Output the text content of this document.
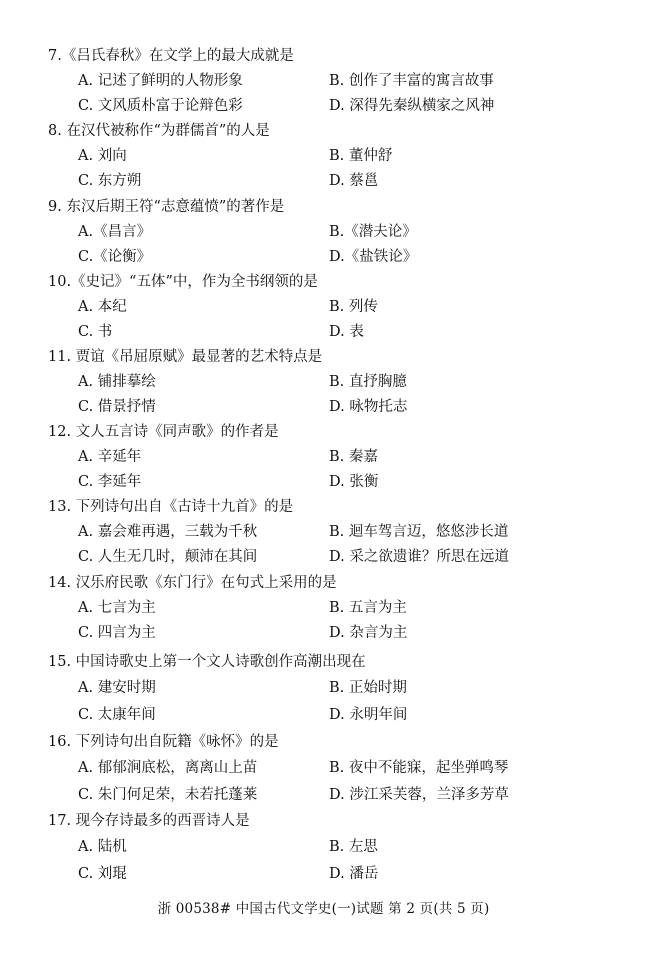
7.《吕氏春秋》在文学上的最大成就是
A. 记述了鲜明的人物形象	B. 创作了丰富的寓言故事
C. 文风质朴富于论辩色彩	D. 深得先秦纵横家之风神
8. 在汉代被称作“为群儒首”的人是
A. 刘向	B. 董仲舒
C. 东方朔	D. 蔡邕
9. 东汉后期王符“志意蕴愤”的著作是
A.《昌言》	B.《潜夫论》
C.《论衡》	D.《盐铁论》
10.《史记》“五体”中，作为全书纲领的是
A. 本纪	B. 列传
C. 书	D. 表
11. 贾谊《吊屈原赋》最显著的艺术特点是
A. 铺排摹绘	B. 直抒胸臆
C. 借景抒情	D. 咏物托志
12. 文人五言诗《同声歌》的作者是
A. 辛延年	B. 秦嘉
C. 李延年	D. 张衡
13. 下列诗句出自《古诗十九首》的是
A. 嘉会难再遇，三载为千秋	B. 迴车驾言迈，悠悠涉长道
C. 人生无几时，颠沛在其间	D. 采之欲遗谁？所思在远道
14. 汉乐府民歌《东门行》在句式上采用的是
A. 七言为主	B. 五言为主
C. 四言为主	D. 杂言为主
15. 中国诗歌史上第一个文人诗歌创作高潮出现在
A. 建安时期	B. 正始时期
C. 太康年间	D. 永明年间
16. 下列诗句出自阮籍《咏怀》的是
A. 郁郁涧底松，离离山上苗	B. 夜中不能寐，起坐弹鸣琴
C. 朱门何足荣，未若托蓬莱	D. 涉江采芙蓉，兰泽多芳草
17. 现今存诗最多的西晋诗人是
A. 陆机	B. 左思
C. 刘琨	D. 潘岳
浙 00538# 中国古代文学史(一)试题 第 2 页(共 5 页)
